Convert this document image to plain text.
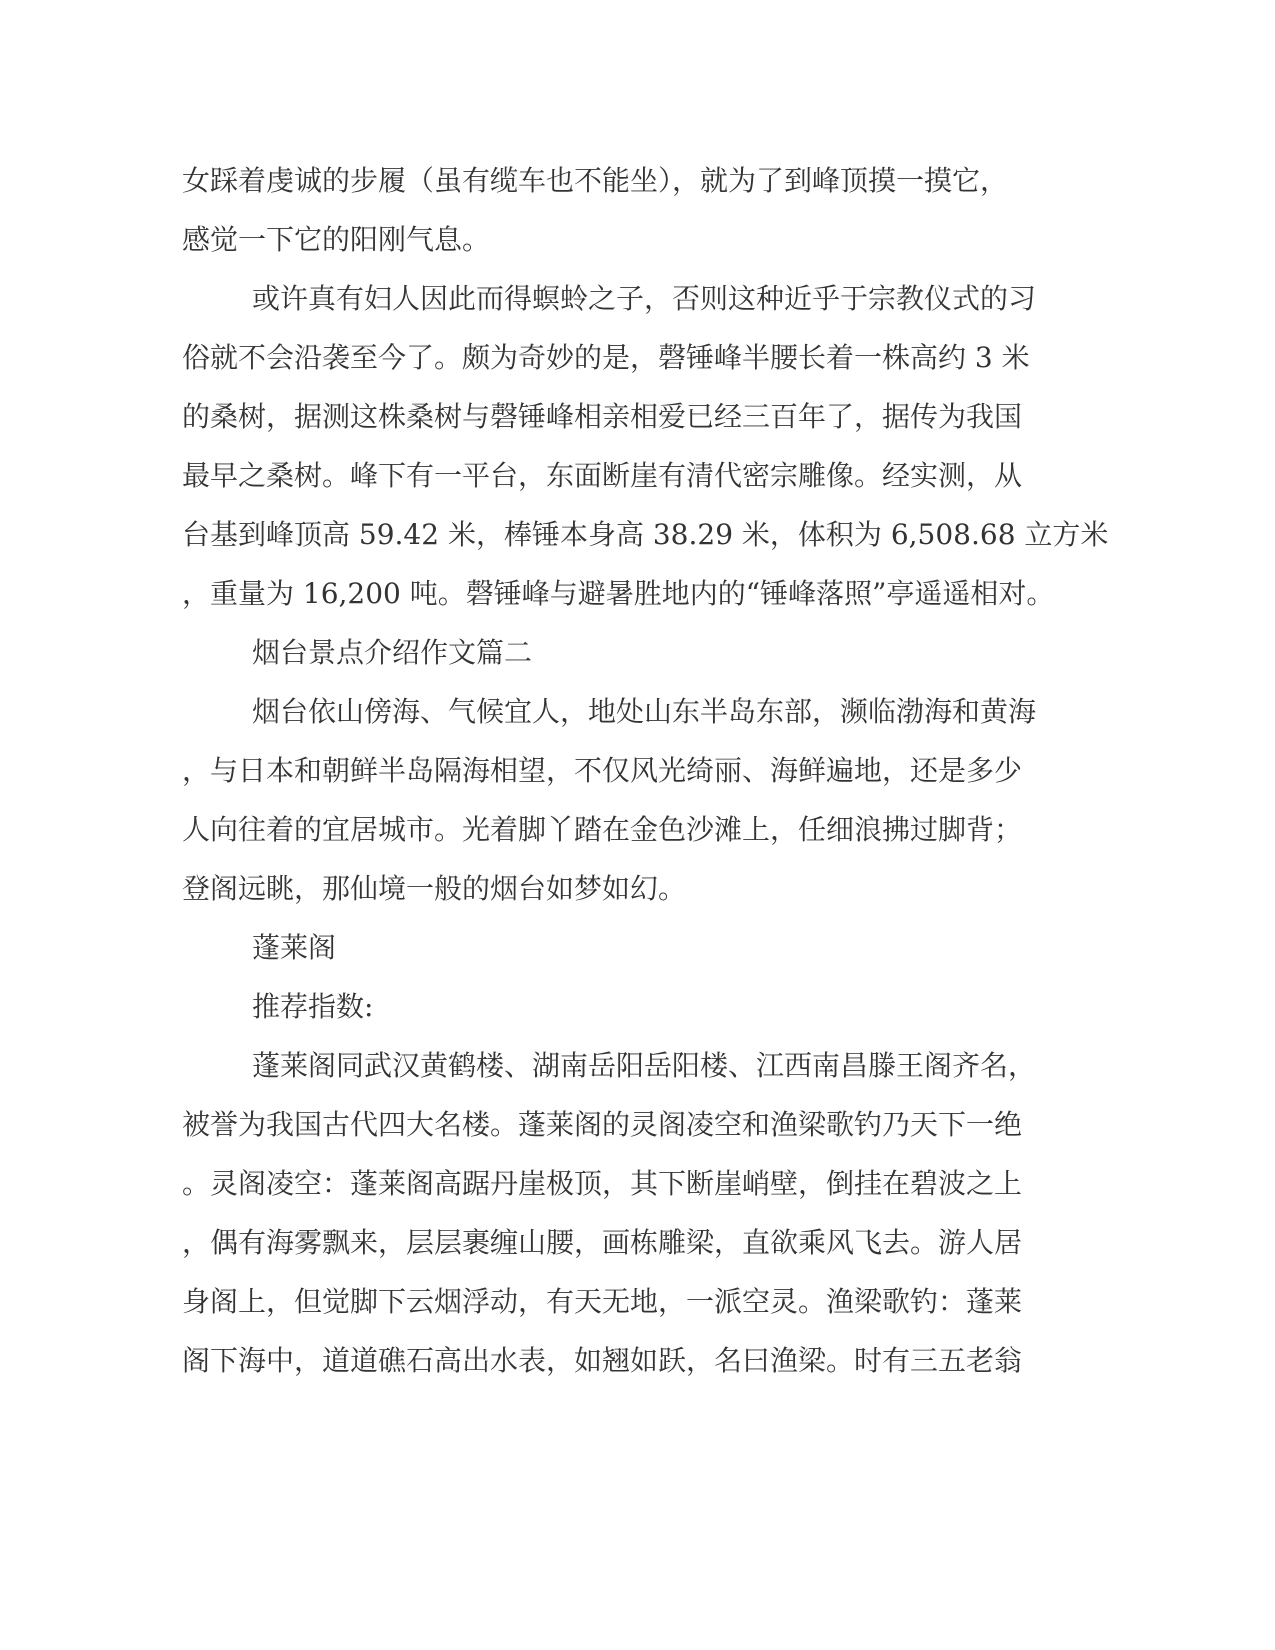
女踩着虔诚的步履（虽有缆车也不能坐），就为了到峰顶摸一摸它，
感觉一下它的阳刚气息。
或许真有妇人因此而得螟蛉之子，否则这种近乎于宗教仪式的习
俗就不会沿袭至今了。颇为奇妙的是，磬锤峰半腰长着一株高约 3 米
的桑树，据测这株桑树与磬锤峰相亲相爱已经三百年了，据传为我国
最早之桑树。峰下有一平台，东面断崖有清代密宗雕像。经实测，从
台基到峰顶高 59.42 米，棒锤本身高 38.29 米，体积为 6,508.68 立方米
，重量为 16,200 吨。磬锤峰与避暑胜地内的“锤峰落照”亭遥遥相对。
烟台景点介绍作文篇二
烟台依山傍海、气候宜人，地处山东半岛东部，濒临渤海和黄海
，与日本和朝鲜半岛隔海相望，不仅风光绮丽、海鲜遍地，还是多少
人向往着的宜居城市。光着脚丫踏在金色沙滩上，任细浪拂过脚背；
登阁远眺，那仙境一般的烟台如梦如幻。
蓬莱阁
推荐指数:
蓬莱阁同武汉黄鹤楼、湖南岳阳岳阳楼、江西南昌滕王阁齐名，
被誉为我国古代四大名楼。蓬莱阁的灵阁凌空和渔梁歌钓乃天下一绝
。灵阁凌空：蓬莱阁高踞丹崖极顶，其下断崖峭壁，倒挂在碧波之上
，偶有海雾飘来，层层裹缠山腰，画栋雕梁，直欲乘风飞去。游人居
身阁上，但觉脚下云烟浮动，有天无地，一派空灵。渔梁歌钓：蓬莱
阁下海中，道道礁石高出水表，如翘如跃，名曰渔梁。时有三五老翁
